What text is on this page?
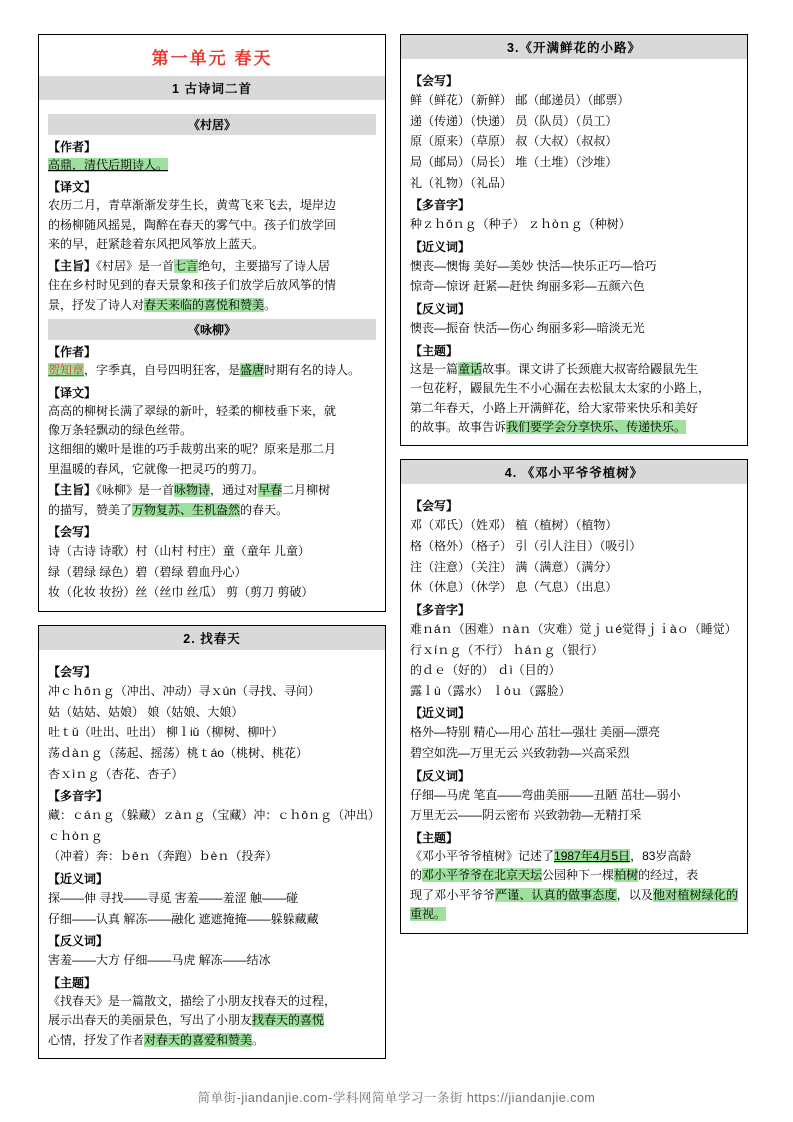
第一单元 春天
1 古诗词二首
《村居》
【作者】
高鼎，清代后期诗人。
【译文】
农历二月，青草渐渐发芽生长，黄莺飞来飞去，堤岸边
的杨柳随风摇晃，陶醉在春天的雾气中。孩子们放学回
来的早，赶紧趁着东风把风筝放上蓝天。
【主旨】《村居》是一首七言绝句，主要描写了诗人居
住在乡村时见到的春天景象和孩子们放学后放风筝的情
景，抒发了诗人对春天来临的喜悦和赞美。
《咏柳》
【作者】
贺知章，字季真，自号四明狂客，是盛唐时期有名的诗人。
【译文】
高高的柳树长满了翠绿的新叶，轻柔的柳枝垂下来，就
像万条轻飘动的绿色丝带。
这细细的嫩叶是谁的巧手裁剪出来的呢？原来是那二月
里温暖的春风，它就像一把灵巧的剪刀。
【主旨】《咏柳》是一首咏物诗，通过对早春二月柳树
的描写，赞美了万物复苏、生机盎然的春天。
【会写】
诗（古诗 诗歌）村（山村 村庄）童（童年 儿童）
绿（碧绿 绿色）碧（碧绿 碧血丹心）
妆（化妆 妆扮）丝（丝巾 丝瓜） 剪（剪刀 剪破）
2. 找春天
【会写】
冲ｃｈōｎｇ（冲出、冲动）寻ｘún（寻找、寻问）
姑（姑姑、姑娘） 娘（姑娘、大娘）
吐ｔǔ（吐出、吐出） 柳ｌiǔ（柳树、柳叶）
荡ｄàｎｇ（荡起、摇荡）桃ｔáo（桃树、桃花）
杏ｘìｎｇ（杏花、杏子）
【多音字】
藏：ｃáｎｇ（躲藏）ｚàｎｇ（宝藏）冲：ｃｈōｎｇ（冲出）ｃｈòｎｇ
（冲着）奔：ｂēｎ（奔跑）ｂèｎ（投奔）
【近义词】
探——伸 寻找——寻觅 害羞——羞涩 触——碰
仔细——认真 解冻——融化 遮遮掩掩——躲躲藏藏
【反义词】
害羞——大方 仔细——马虎 解冻——结冰
【主题】
《找春天》是一篇散文，描绘了小朋友找春天的过程，
展示出春天的美丽景色，写出了小朋友找春天的喜悦
心情，抒发了作者对春天的喜爱和赞美。
3.《开满鲜花的小路》
【会写】
鲜（鲜花）（新鲜） 邮（邮递员）（邮票）
递（传递）（快递） 员（队员）（员工）
原（原来）（草原） 叔（大叔）（叔叔）
局（邮局）（局长） 堆（土堆）（沙堆）
礼（礼物）（礼品）
【多音字】
种ｚｈǒｎｇ（种子） ｚｈòｎｇ（种树）
【近义词】
懊丧—懊悔 美好—美妙 快活—快乐正巧—恰巧
惊奇—惊讶 赶紧—赶快 绚丽多彩—五颜六色
【反义词】
懊丧—振奋 快活—伤心 绚丽多彩—暗淡无光
【主题】
这是一篇童话故事。课文讲了长颈鹿大叔寄给鼹鼠先生
一包花籽，鼹鼠先生不小心漏在去松鼠太太家的小路上，
第二年春天，小路上开满鲜花，给大家带来快乐和美好
的故事。故事告诉我们要学会分享快乐、传递快乐。
4. 《邓小平爷爷植树》
【会写】
邓（邓氏）（姓邓） 植（植树）（植物）
格（格外）（格子） 引（引人注目）（吸引）
注（注意）（关注） 满（满意）（满分）
休（休息）（休学） 息（气息）（出息）
【多音字】
难ｎáｎ（困难）ｎàｎ（灾难）觉ｊｕé觉得ｊｉàｏ（睡觉）
行ｘíｎｇ（不行） ｈáｎｇ（银行）
的ｄｅ（好的） ｄì（目的）
露ｌù（露水） ｌòｕ（露脸）
【近义词】
格外—特别 精心—用心 茁壮—强壮 美丽—漂亮
碧空如洗—万里无云 兴致勃勃—兴高采烈
【反义词】
仔细—马虎 笔直——弯曲美丽——丑陋 茁壮—弱小
万里无云——阴云密布 兴致勃勃—无精打采
【主题】
《邓小平爷爷植树》记述了1987年4月5日，83岁高龄
的邓小平爷爷在北京天坛公园种下一棵柏树的经过，表
现了邓小平爷爷严谨、认真的做事态度，以及他对植树绿化的重视。
简单街-jiandanjie.com-学科网简单学习一条街 https://jiandanjie.com
